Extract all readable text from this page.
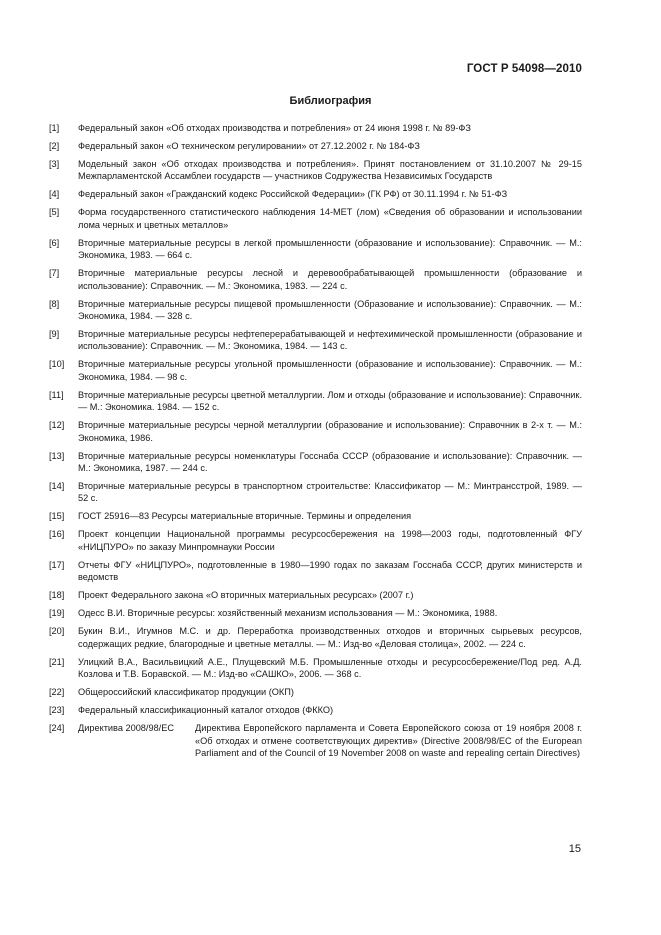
ГОСТ Р 54098—2010
Библиография
[1] Федеральный закон «Об отходах производства и потребления» от 24 июня 1998 г. № 89-ФЗ
[2] Федеральный закон «О техническом регулировании» от 27.12.2002 г. № 184-ФЗ
[3] Модельный закон «Об отходах производства и потребления». Принят постановлением от 31.10.2007 № 29-15 Межпарламентской Ассамблеи государств — участников Содружества Независимых Государств
[4] Федеральный закон «Гражданский кодекс Российской Федерации» (ГК РФ) от 30.11.1994 г. № 51-ФЗ
[5] Форма государственного статистического наблюдения 14-МЕТ (лом) «Сведения об образовании и использовании лома черных и цветных металлов»
[6] Вторичные материальные ресурсы в легкой промышленности (образование и использование): Справочник. — М.: Экономика, 1983. — 664 с.
[7] Вторичные материальные ресурсы лесной и деревообрабатывающей промышленности (образование и использование): Справочник. — М.: Экономика, 1983. — 224 с.
[8] Вторичные материальные ресурсы пищевой промышленности (Образование и использование): Справочник. — М.: Экономика, 1984. — 328 с.
[9] Вторичные материальные ресурсы нефтеперерабатывающей и нефтехимической промышленности (образование и использование): Справочник. — М.: Экономика, 1984. — 143 с.
[10] Вторичные материальные ресурсы угольной промышленности (образование и использование): Справочник. — М.: Экономика, 1984. — 98 с.
[11] Вторичные материальные ресурсы цветной металлургии. Лом и отходы (образование и использование): Справочник. — М.: Экономика. 1984. — 152 с.
[12] Вторичные материальные ресурсы черной металлургии (образование и использование): Справочник в 2-х т. — М.: Экономика, 1986.
[13] Вторичные материальные ресурсы номенклатуры Госснаба СССР (образование и использование): Справочник. — М.: Экономика, 1987. — 244 с.
[14] Вторичные материальные ресурсы в транспортном строительстве: Классификатор — М.: Минтрансстрой, 1989. — 52 с.
[15] ГОСТ 25916—83 Ресурсы материальные вторичные. Термины и определения
[16] Проект концепции Национальной программы ресурсосбережения на 1998—2003 годы, подготовленный ФГУ «НИЦПУРО» по заказу Минпромнауки России
[17] Отчеты ФГУ «НИЦПУРО», подготовленные в 1980—1990 годах по заказам Госснаба СССР, других министерств и ведомств
[18] Проект Федерального закона «О вторичных материальных ресурсах» (2007 г.)
[19] Одесс В.И. Вторичные ресурсы: хозяйственный механизм использования — М.: Экономика, 1988.
[20] Букин В.И., Игумнов М.С. и др. Переработка производственных отходов и вторичных сырьевых ресурсов, содержащих редкие, благородные и цветные металлы. — М.: Изд-во «Деловая столица», 2002. — 224 с.
[21] Улицкий В.А., Васильвицкий А.Е., Плущевский М.Б. Промышленные отходы и ресурсосбережение/Под ред. А.Д. Козлова и Т.В. Боравской. — М.: Изд-во «САШКО», 2006. — 368 с.
[22] Общероссийский классификатор продукции (ОКП)
[23] Федеральный классификационный каталог отходов (ФККО)
[24] Директива 2008/98/EC	Директива Европейского парламента и Совета Европейского союза от 19 ноября 2008 г. «Об отходах и отмене соответствующих директив» (Directive 2008/98/EC of the European Parliament and of the Council of 19 November 2008 on waste and repealing certain Directives)
15
